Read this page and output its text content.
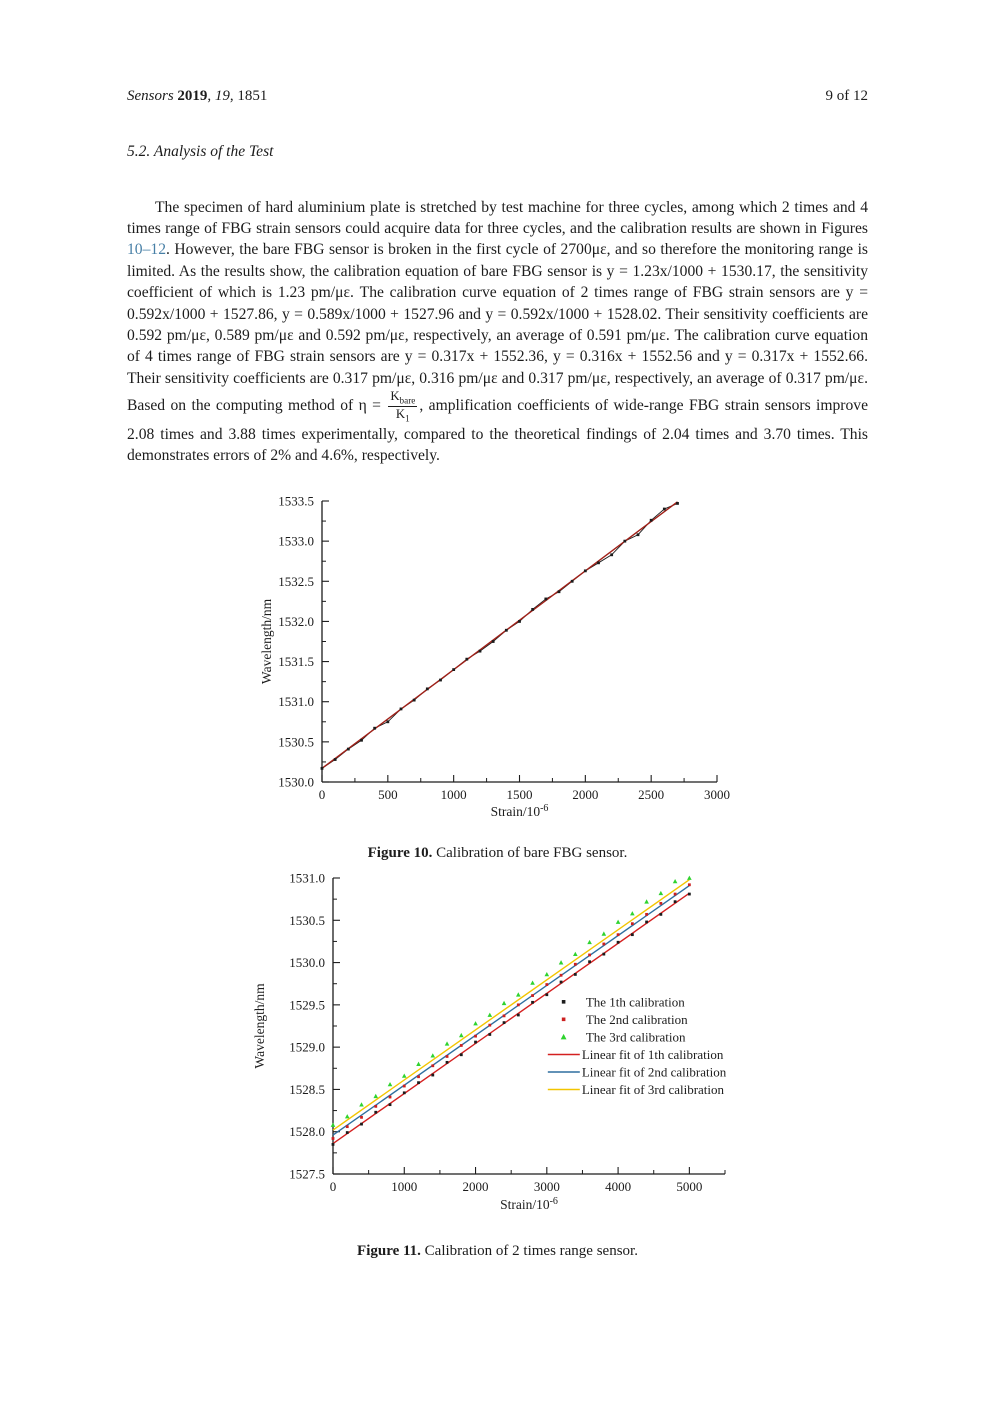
9 of 12
Sensors 2019, 19, 1851
5.2. Analysis of the Test

The specimen of hard aluminium plate is stretched by test machine for three cycles, among which 2 times and 4 times range of FBG strain sensors could acquire data for three cycles, and the calibration results are shown in Figures 10–12. However, the bare FBG sensor is broken in the first cycle of 2700με, and so therefore the monitoring range is limited. As the results show, the calibration equation of bare FBG sensor is y = 1.23x/1000 + 1530.17, the sensitivity coefficient of which is 1.23 pm/με. The calibration curve equation of 2 times range of FBG strain sensors are y = 0.592x/1000 + 1527.86, y = 0.589x/1000 + 1527.96 and y = 0.592x/1000 + 1528.02. Their sensitivity coefficients are 0.592 pm/με, 0.589 pm/με and 0.592 pm/με, respectively, an average of 0.591 pm/με. The calibration curve equation of 4 times range of FBG strain sensors are y = 0.317x + 1552.36, y = 0.316x + 1552.56 and y = 0.317x + 1552.66. Their sensitivity coefficients are 0.317 pm/με, 0.316 pm/με and 0.317 pm/με, respectively, an average of 0.317 pm/με. Based on the computing method of $\eta = \frac{K_{bare}}{K_1}$ , amplification coefficients of wide-range FBG strain sensors improve 2.08 times and 3.88 times experimentally, compared to the theoretical findings of 2.04 times and 3.70 times. This demonstrates errors of 2% and 4.6%, respectively.

0	500	1000	1500	2000	2500	3000
1530.0
1530.5
1531.0
1531.5
1532.0
1532.5
1533.0
1533.5
Wavelength/nm
Strain/$10^{-6}$

Figure 10. Calibration of bare FBG sensor.

0	1000	2000	3000	4000	5000
1527.5
1528.0
1528.5
1529.0
1529.5
1530.0
1530.5
1531.0
Wavelength/nm
Strain/$10^{-6}$
The 1th calibration
The 2nd calibration
The 3rd calibration
Linear fit of 1th calibration
Linear fit of 2nd calibration
Linear fit of 3rd calibration

Figure 11. Calibration of 2 times range sensor.
